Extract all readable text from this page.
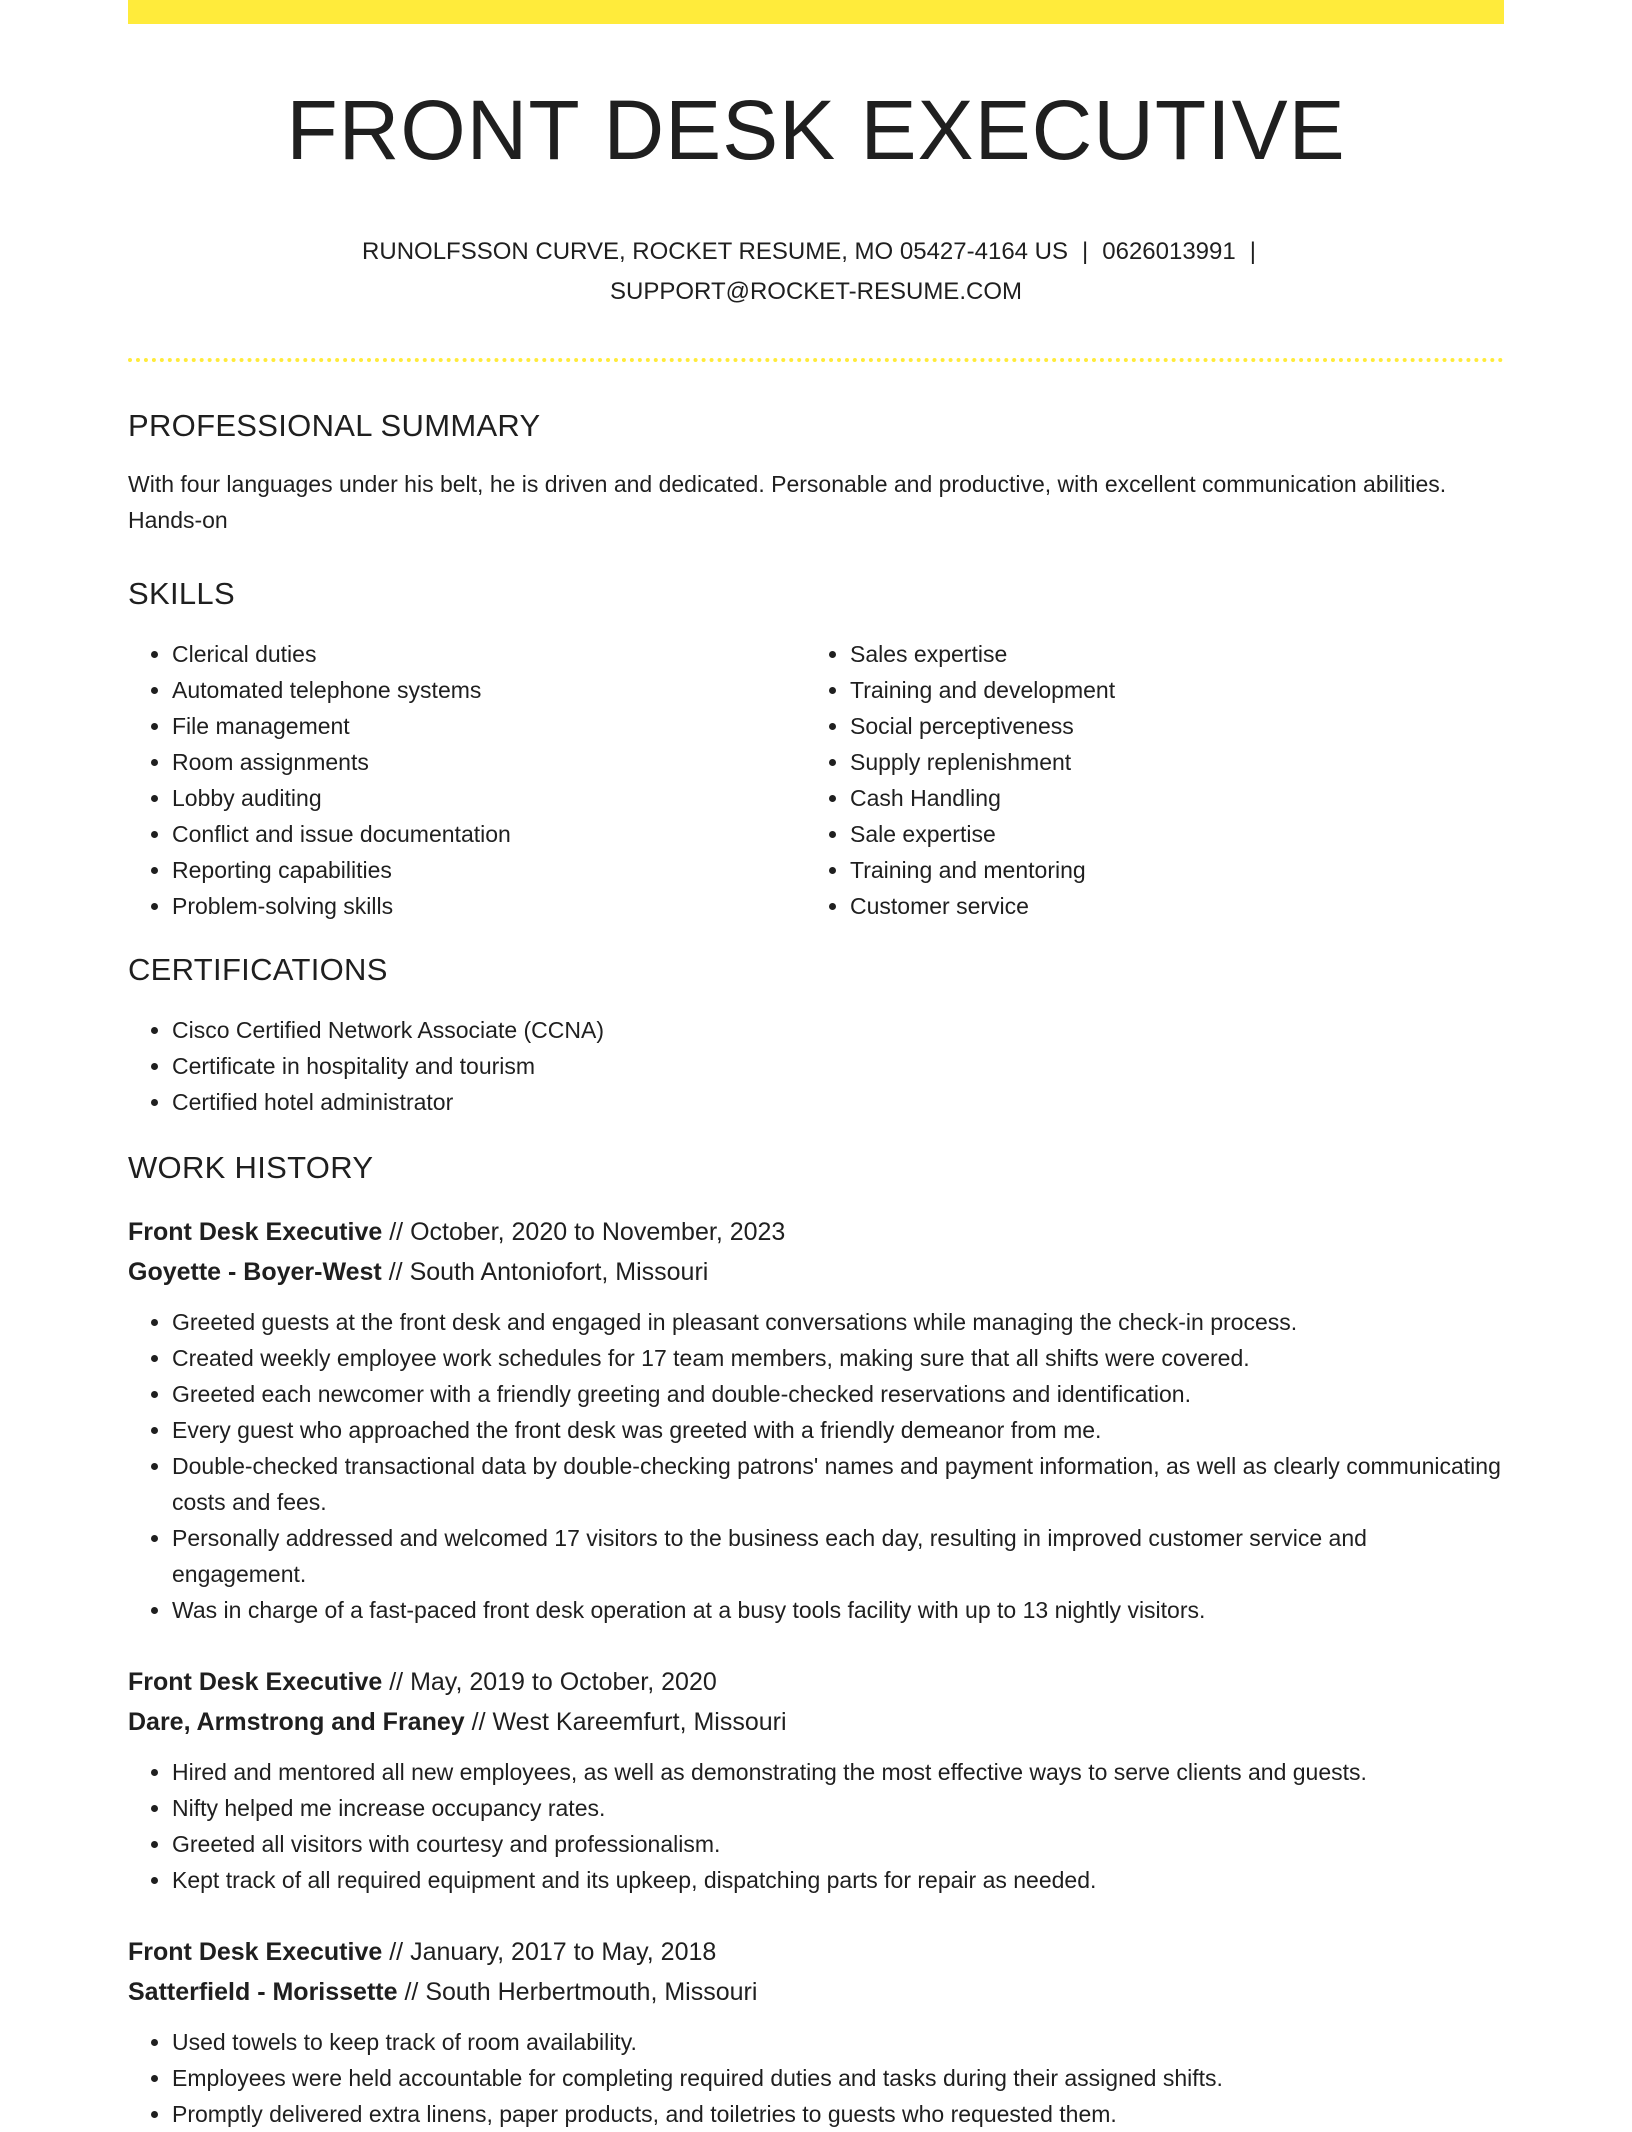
FRONT DESK EXECUTIVE
RUNOLFSSON CURVE, ROCKET RESUME, MO 05427-4164 US | 0626013991 |
SUPPORT@ROCKET-RESUME.COM
PROFESSIONAL SUMMARY
With four languages under his belt, he is driven and dedicated. Personable and productive, with excellent communication abilities. Hands-on
SKILLS
• Clerical duties
• Automated telephone systems
• File management
• Room assignments
• Lobby auditing
• Conflict and issue documentation
• Reporting capabilities
• Problem-solving skills
• Sales expertise
• Training and development
• Social perceptiveness
• Supply replenishment
• Cash Handling
• Sale expertise
• Training and mentoring
• Customer service
CERTIFICATIONS
• Cisco Certified Network Associate (CCNA)
• Certificate in hospitality and tourism
• Certified hotel administrator
WORK HISTORY
Front Desk Executive // October, 2020 to November, 2023
Goyette - Boyer-West // South Antoniofort, Missouri
• Greeted guests at the front desk and engaged in pleasant conversations while managing the check-in process.
• Created weekly employee work schedules for 17 team members, making sure that all shifts were covered.
• Greeted each newcomer with a friendly greeting and double-checked reservations and identification.
• Every guest who approached the front desk was greeted with a friendly demeanor from me.
• Double-checked transactional data by double-checking patrons' names and payment information, as well as clearly communicating costs and fees.
• Personally addressed and welcomed 17 visitors to the business each day, resulting in improved customer service and engagement.
• Was in charge of a fast-paced front desk operation at a busy tools facility with up to 13 nightly visitors.
Front Desk Executive // May, 2019 to October, 2020
Dare, Armstrong and Franey // West Kareemfurt, Missouri
• Hired and mentored all new employees, as well as demonstrating the most effective ways to serve clients and guests.
• Nifty helped me increase occupancy rates.
• Greeted all visitors with courtesy and professionalism.
• Kept track of all required equipment and its upkeep, dispatching parts for repair as needed.
Front Desk Executive // January, 2017 to May, 2018
Satterfield - Morissette // South Herbertmouth, Missouri
• Used towels to keep track of room availability.
• Employees were held accountable for completing required duties and tasks during their assigned shifts.
• Promptly delivered extra linens, paper products, and toiletries to guests who requested them.
